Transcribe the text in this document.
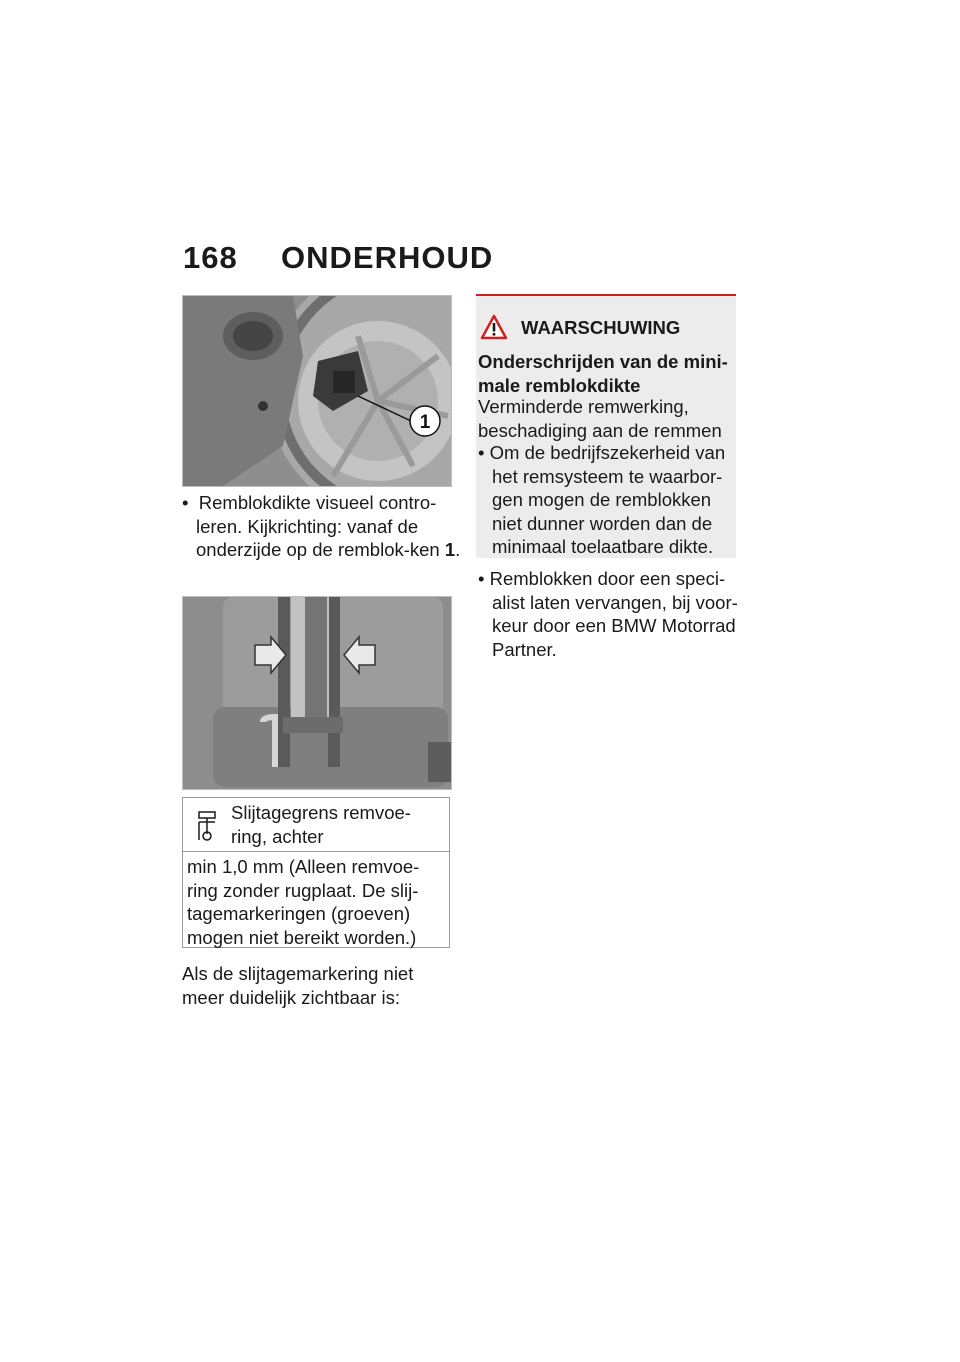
168 ONDERHOUD
1
• Remblokdikte visueel contro-leren. Kijkrichting: vanaf de onderzijde op de remblok-ken 1.
Slijtagegrens remvoe-ring, achter
min 1,0 mm (Alleen remvoe-ring zonder rugplaat. De slij-tagemarkeringen (groeven) mogen niet bereikt worden.)
Als de slijtagemarkering niet meer duidelijk zichtbaar is:
WAARSCHUWING
Onderschrijden van de mini-male remblokdikte
Verminderde remwerking, beschadiging aan de remmen
• Om de bedrijfszekerheid van het remsysteem te waarbor-gen mogen de remblokken niet dunner worden dan de minimaal toelaatbare dikte.
• Remblokken door een speci-alist laten vervangen, bij voor-keur door een BMW Motorrad Partner.
